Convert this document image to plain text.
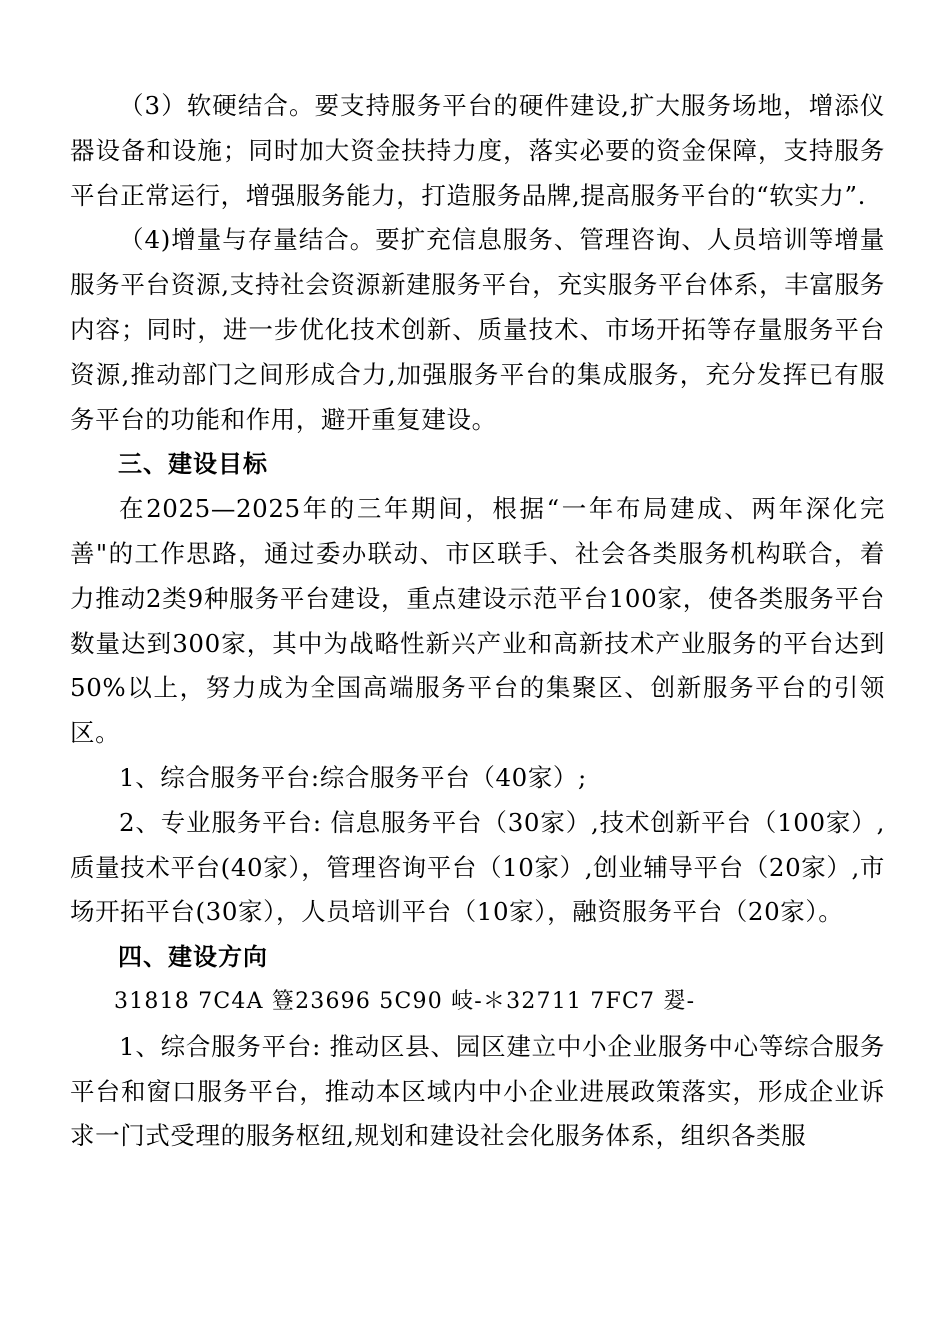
（3）软硬结合。要支持服务平台的硬件建设,扩大服务场地，增添仪器设备和设施；同时加大资金扶持力度，落实必要的资金保障，支持服务平台正常运行，增强服务能力，打造服务品牌,提高服务平台的“软实力”.

（4)增量与存量结合。要扩充信息服务、管理咨询、人员培训等增量服务平台资源,支持社会资源新建服务平台，充实服务平台体系，丰富服务内容；同时，进一步优化技术创新、质量技术、市场开拓等存量服务平台资源,推动部门之间形成合力,加强服务平台的集成服务，充分发挥已有服务平台的功能和作用，避开重复建设。

三、建设目标

在2025—2025年的三年期间，根据“一年布局建成、两年深化完善"的工作思路，通过委办联动、市区联手、社会各类服务机构联合，着力推动2类9种服务平台建设，重点建设示范平台100家，使各类服务平台数量达到300家，其中为战略性新兴产业和高新技术产业服务的平台达到50%以上，努力成为全国高端服务平台的集聚区、创新服务平台的引领区。

1、综合服务平台:综合服务平台（40家）;

2、专业服务平台: 信息服务平台（30家）,技术创新平台（100家）,质量技术平台(40家），管理咨询平台（10家）,创业辅导平台（20家）,市场开拓平台(30家），人员培训平台（10家），融资服务平台（20家）。

四、建设方向

31818 7C4A 簦23696 5C90 岐-＊32711 7FC7 翇-

1、综合服务平台: 推动区县、园区建立中小企业服务中心等综合服务平台和窗口服务平台，推动本区域内中小企业进展政策落实，形成企业诉求一门式受理的服务枢纽,规划和建设社会化服务体系，组织各类服
